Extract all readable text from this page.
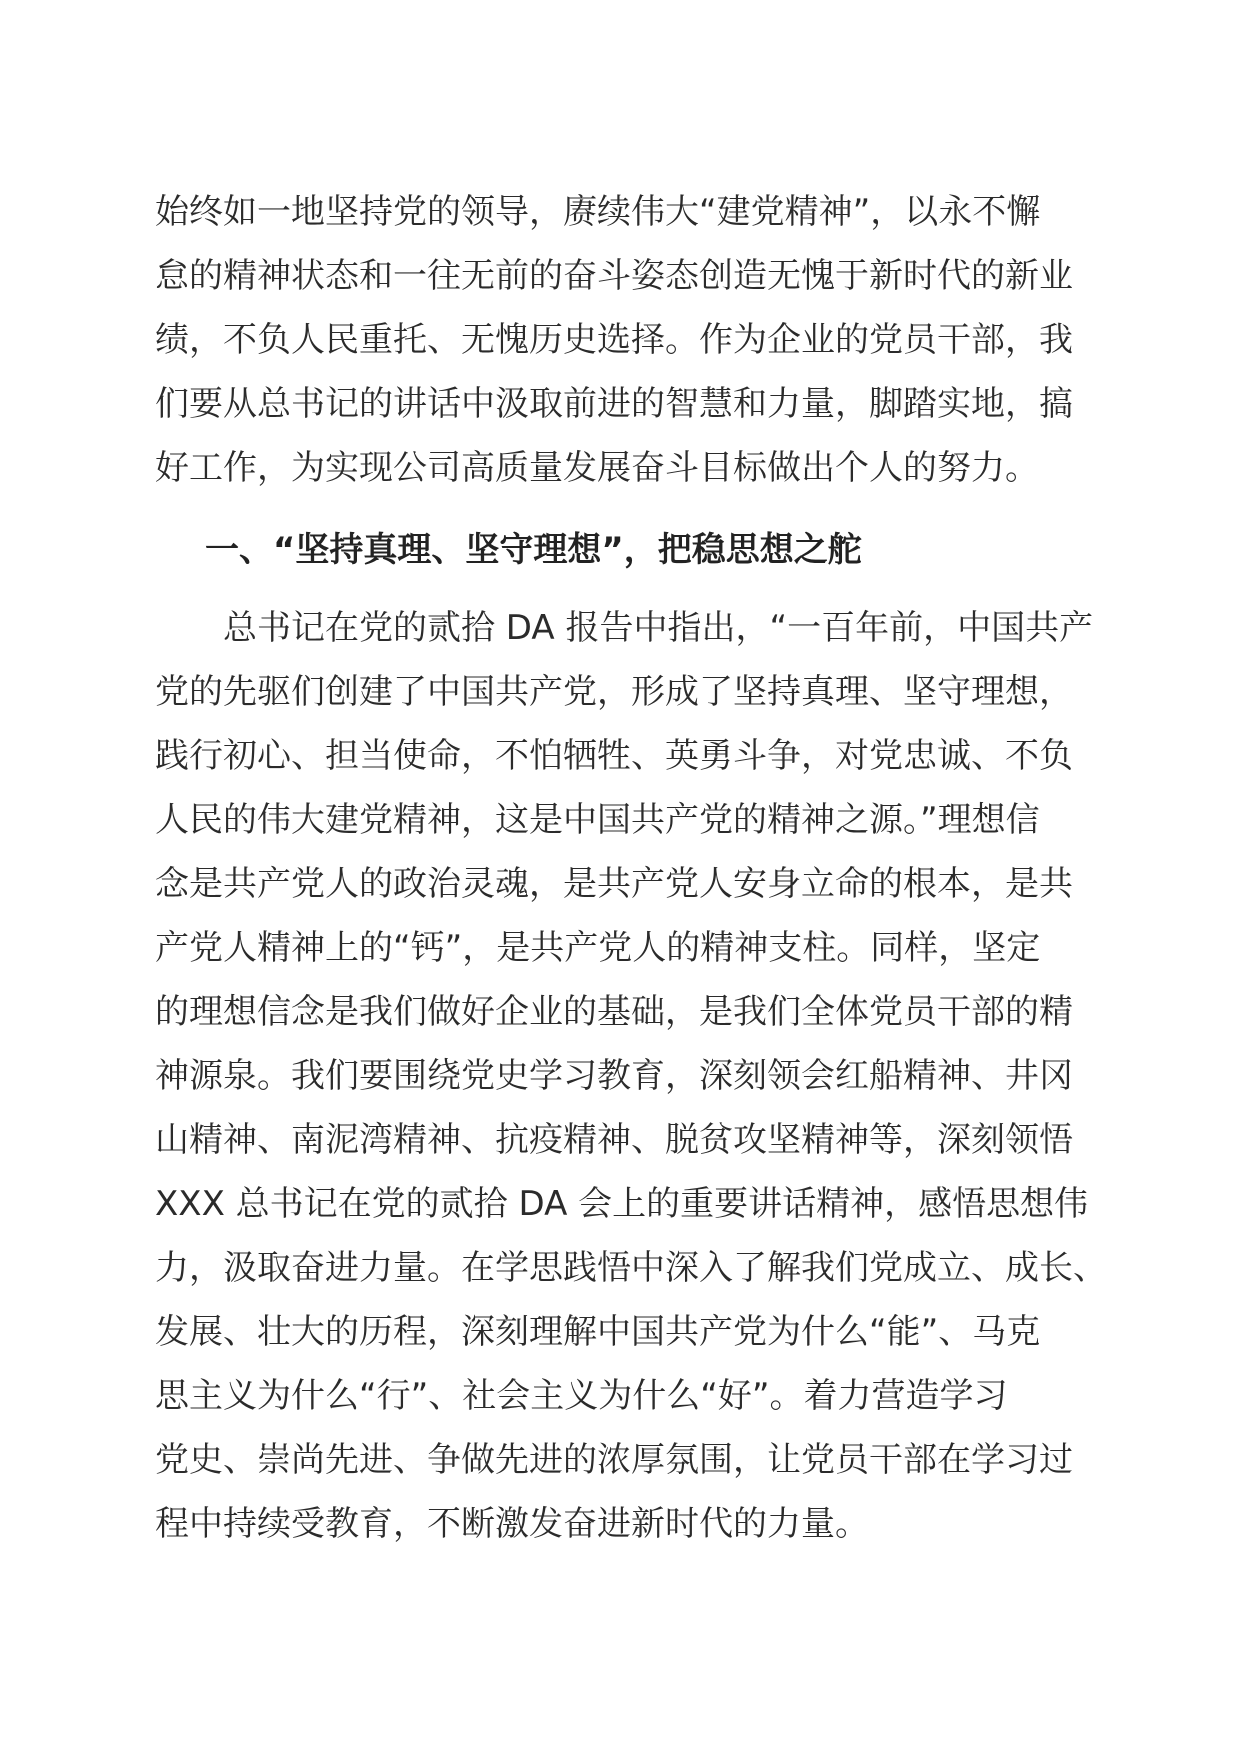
始终如一地坚持党的领导，赓续伟大“建党精神”，以永不懈
怠的精神状态和一往无前的奋斗姿态创造无愧于新时代的新业
绩，不负人民重托、无愧历史选择。作为企业的党员干部，我
们要从总书记的讲话中汲取前进的智慧和力量，脚踏实地，搞
好工作，为实现公司高质量发展奋斗目标做出个人的努力。
一、“坚持真理、坚守理想”，把稳思想之舵
　　总书记在党的贰拾 DA 报告中指出，“一百年前，中国共产
党的先驱们创建了中国共产党，形成了坚持真理、坚守理想，
践行初心、担当使命，不怕牺牲、英勇斗争，对党忠诚、不负
人民的伟大建党精神，这是中国共产党的精神之源。”理想信
念是共产党人的政治灵魂，是共产党人安身立命的根本，是共
产党人精神上的“钙”，是共产党人的精神支柱。同样，坚定
的理想信念是我们做好企业的基础，是我们全体党员干部的精
神源泉。我们要围绕党史学习教育，深刻领会红船精神、井冈
山精神、南泥湾精神、抗疫精神、脱贫攻坚精神等，深刻领悟
XXX 总书记在党的贰拾 DA 会上的重要讲话精神，感悟思想伟
力，汲取奋进力量。在学思践悟中深入了解我们党成立、成长、
发展、壮大的历程，深刻理解中国共产党为什么“能”、马克
思主义为什么“行”、社会主义为什么“好”。着力营造学习
党史、崇尚先进、争做先进的浓厚氛围，让党员干部在学习过
程中持续受教育，不断激发奋进新时代的力量。
